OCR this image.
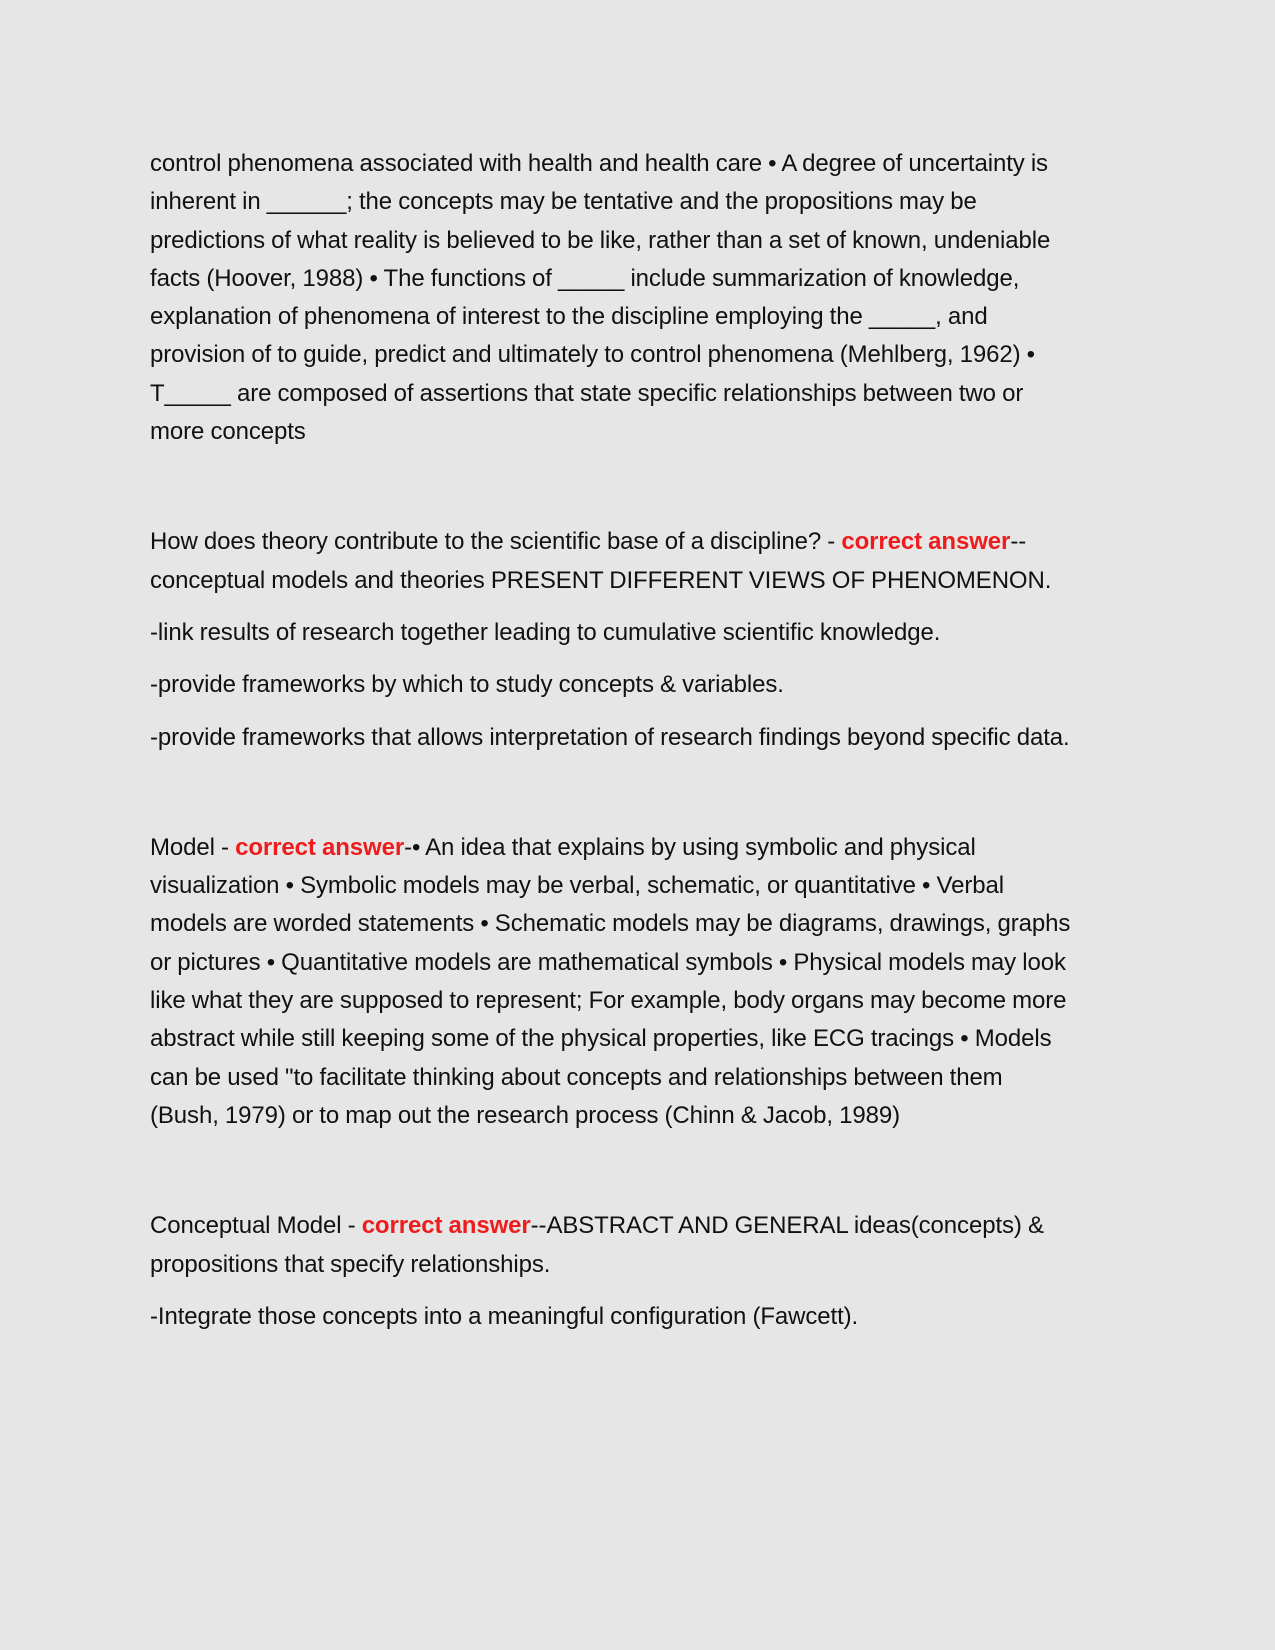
control phenomena associated with health and health care • A degree of uncertainty is inherent in ______; the concepts may be tentative and the propositions may be predictions of what reality is believed to be like, rather than a set of known, undeniable facts (Hoover, 1988) • The functions of _____ include summarization of knowledge, explanation of phenomena of interest to the discipline employing the _____, and provision of to guide, predict and ultimately to control phenomena (Mehlberg, 1962) • T_____ are composed of assertions that state specific relationships between two or more concepts

How does theory contribute to the scientific base of a discipline? - correct answer--conceptual models and theories PRESENT DIFFERENT VIEWS OF PHENOMENON.

-link results of research together leading to cumulative scientific knowledge.

-provide frameworks by which to study concepts & variables.

-provide frameworks that allows interpretation of research findings beyond specific data.

Model - correct answer-• An idea that explains by using symbolic and physical visualization • Symbolic models may be verbal, schematic, or quantitative • Verbal models are worded statements • Schematic models may be diagrams, drawings, graphs or pictures • Quantitative models are mathematical symbols • Physical models may look like what they are supposed to represent; For example, body organs may become more abstract while still keeping some of the physical properties, like ECG tracings • Models can be used "to facilitate thinking about concepts and relationships between them (Bush, 1979) or to map out the research process (Chinn & Jacob, 1989)

Conceptual Model - correct answer--ABSTRACT AND GENERAL ideas(concepts) & propositions that specify relationships.

-Integrate those concepts into a meaningful configuration (Fawcett).
